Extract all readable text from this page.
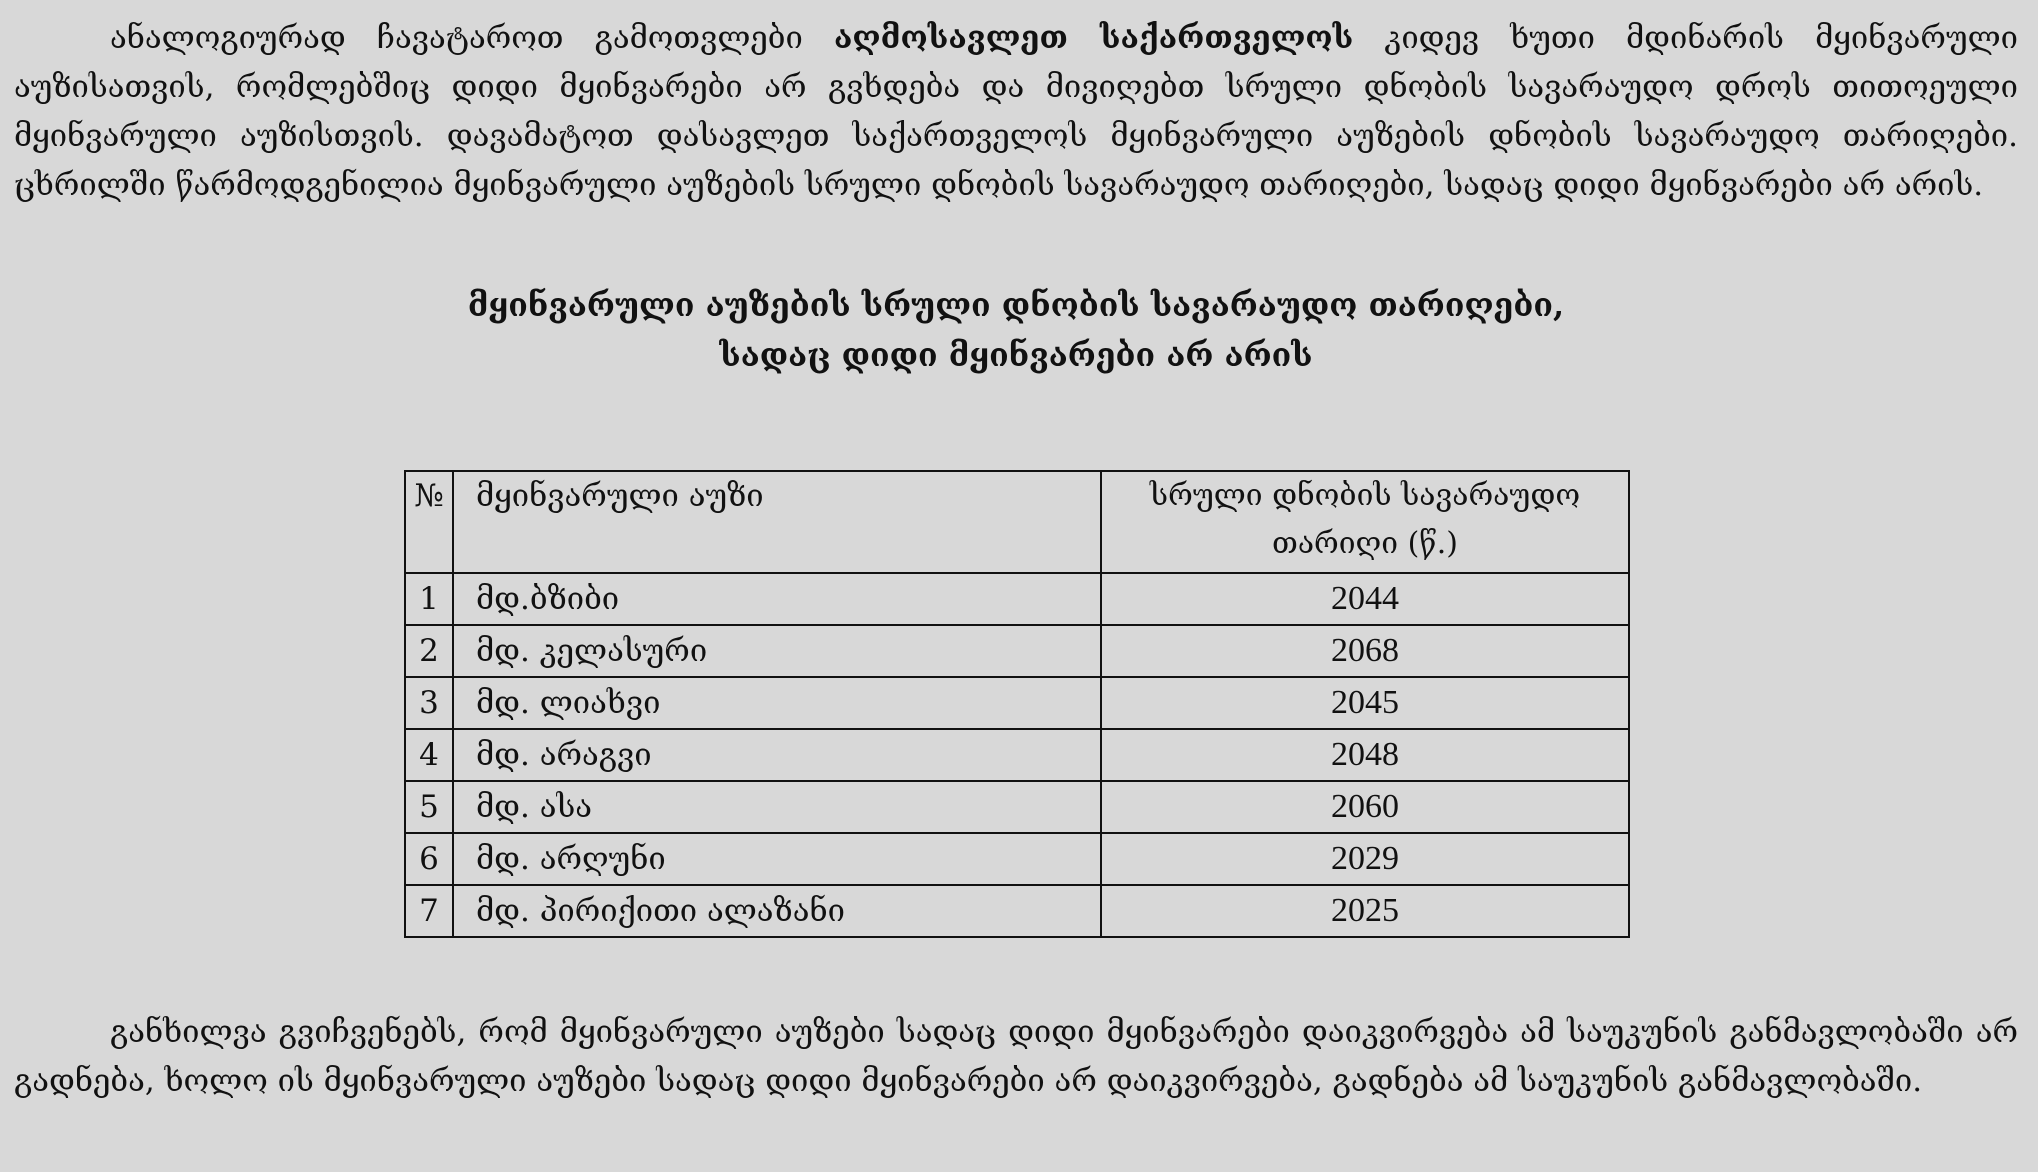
ანალოგიურად ჩავატაროთ გამოთვლები აღმოსავლეთ საქართველოს კიდევ ხუთი მდინარის მყინვარული აუზისათვის, რომლებშიც დიდი მყინვარები არ გვხდება და მივიღებთ სრული დნობის სავარაუდო დროს თითოეული მყინვარული აუზისთვის. დავამატოთ დასავლეთ საქართველოს მყინვარული აუზების დნობის სავარაუდო თარიღები. ცხრილში წარმოდგენილია მყინვარული აუზების სრული დნობის სავარაუდო თარიღები, სადაც დიდი მყინვარები არ არის.

მყინვარული აუზების სრული დნობის სავარაუდო თარიღები,
სადაც დიდი მყინვარები არ არის
№	მყინვარული აუზი	სრული დნობის სავარაუდო თარიღი (წ.)
1	მდ.ბზიბი	2044
2	მდ. კელასური	2068
3	მდ. ლიახვი	2045
4	მდ. არაგვი	2048
5	მდ. ასა	2060
6	მდ. არღუნი	2029
7	მდ. პირიქითი ალაზანი	2025

განხილვა გვიჩვენებს, რომ მყინვარული აუზები სადაც დიდი მყინვარები დაიკვირვება ამ საუკუნის განმავლობაში არ გადნება, ხოლო ის მყინვარული აუზები სადაც დიდი მყინვარები არ დაიკვირვება, გადნება ამ საუკუნის განმავლობაში.
